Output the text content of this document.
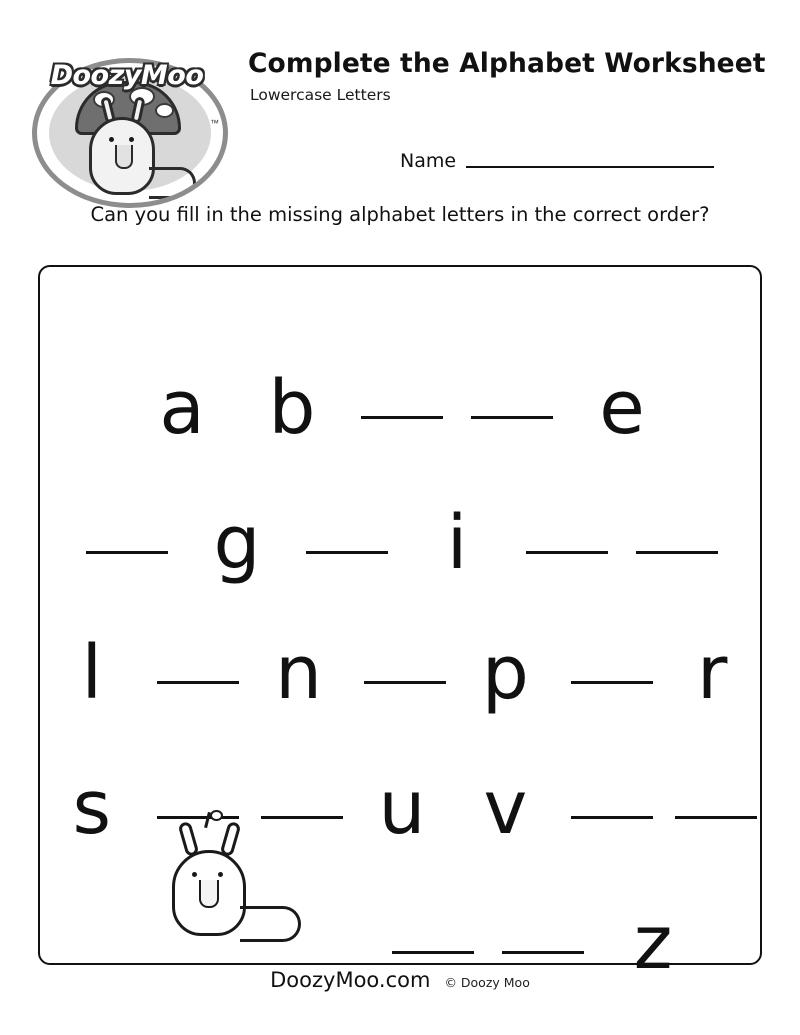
DoozyMoo
™
Complete the Alphabet Worksheet
Lowercase Letters
Name
Can you fill in the missing alphabet letters in the correct order?
a b	e
g	i
l	n	p	r
s	u v
z
DoozyMoo.com © Doozy Moo
